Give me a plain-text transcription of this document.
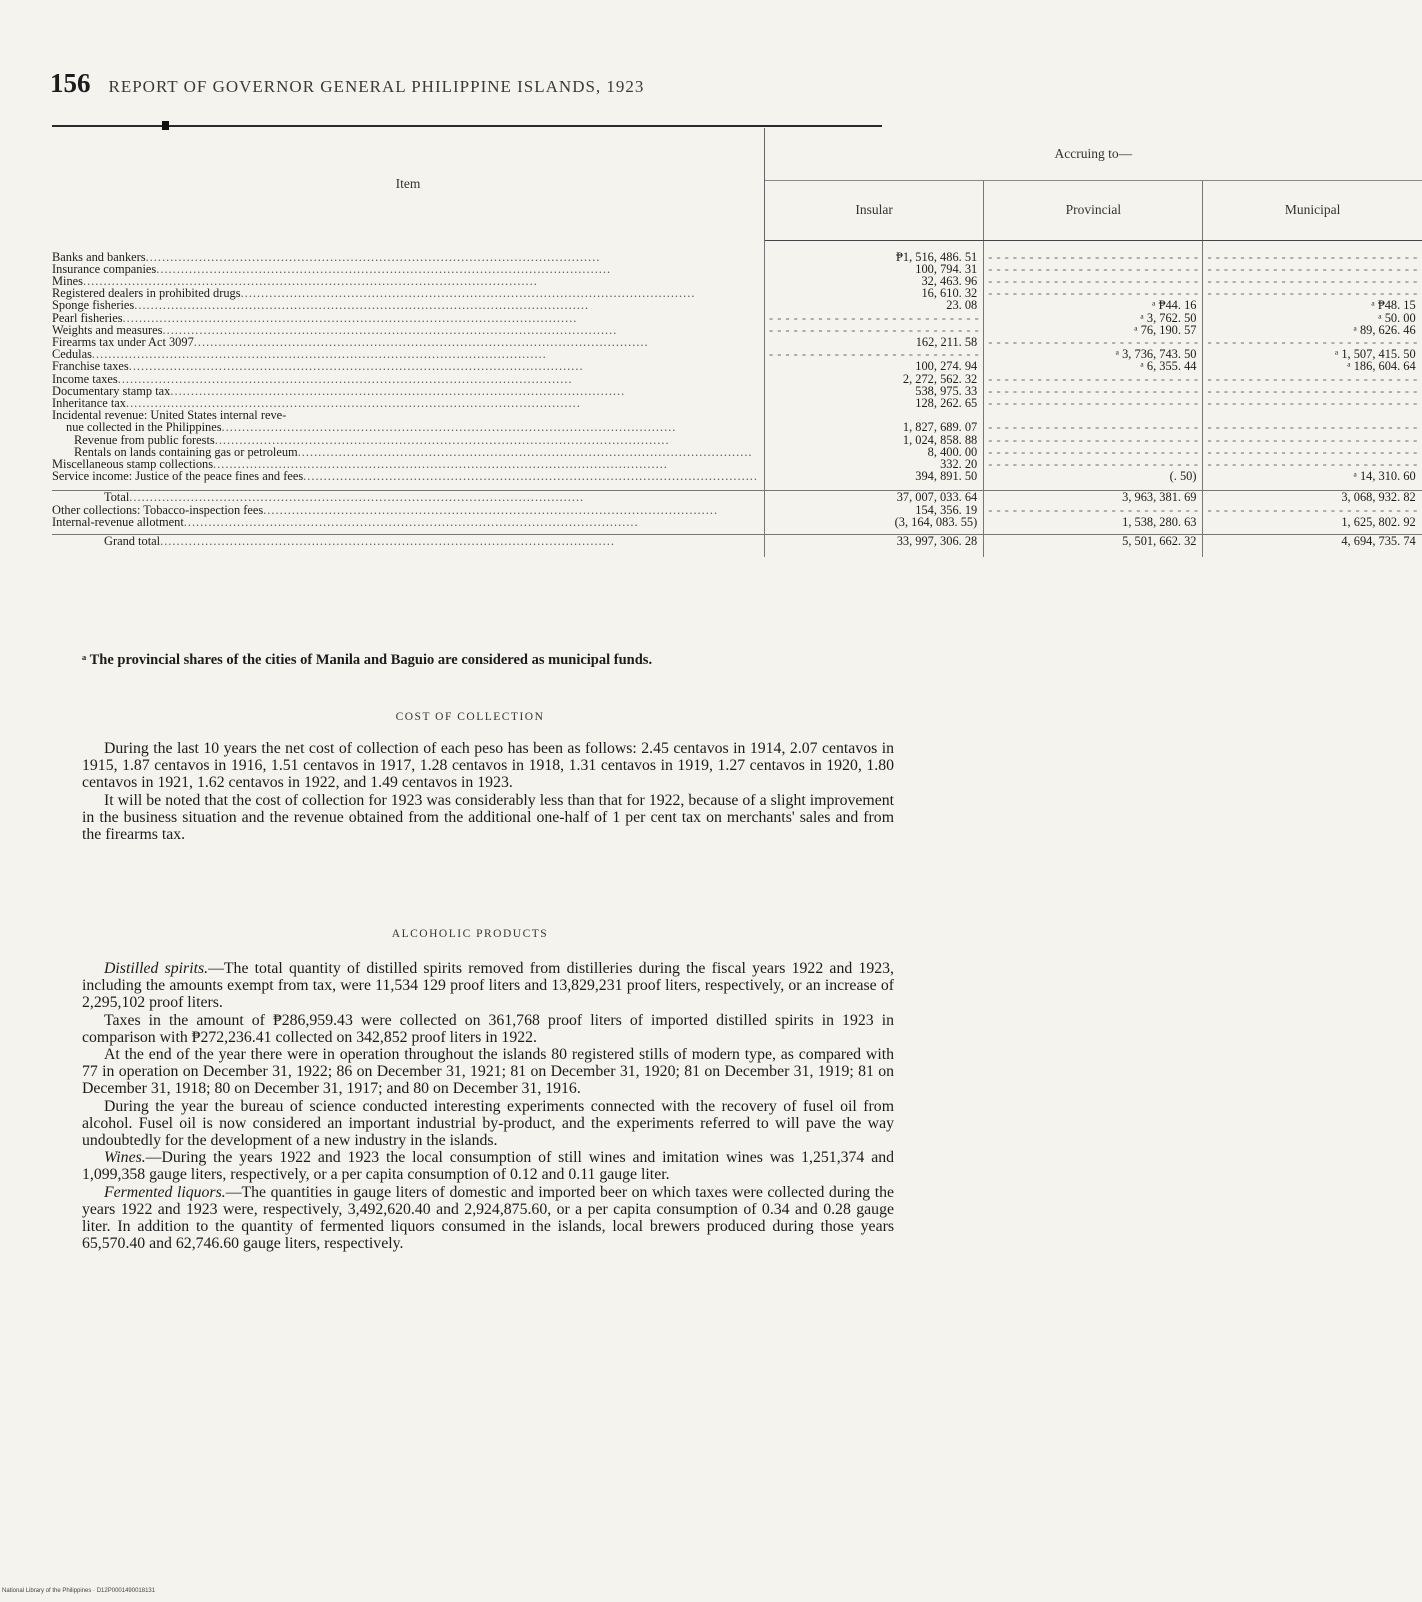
156 REPORT OF GOVERNOR GENERAL PHILIPPINE ISLANDS, 1923
Item	Accruing to—		
	Insular	Provincial	Municipal

Banks and bankers
.....	₱1, 516, 486. 51	- - -	- - -

Insurance companies
.....	100, 794. 31	- - -	- - -

Mines
.....	32, 463. 96	- - -	- - -

Registered dealers in prohibited drugs
.....	16, 610. 32	- - -	- - -

Sponge fisheries
.....	23. 08	ᵃ ₱44. 16	ᵃ ₱48. 15

Pearl fisheries
.....
	- - -	ᵃ 3, 762. 50	ᵃ 50. 00

Weights and measures
.....
	- - -	ᵃ 76, 190. 57	ᵃ 89, 626. 46

Firearms tax under Act 3097
.....	162, 211. 58	- - -	- - -

Cedulas
.....
	- - -	ᵃ 3, 736, 743. 50	ᵃ 1, 507, 415. 50

Franchise taxes
.....	100, 274. 94	ᵃ 6, 355. 44	ᵃ 186, 604. 64

Income taxes
.....	2, 272, 562. 32	- - -	- - -

Documentary stamp tax
.....	538, 975. 33	- - -	- - -

Inheritance tax
.....	128, 262. 65	- - -	- - -

Incidental revenue: United States internal reve-			

nue collected in the Philippines
.....	1, 827, 689. 07	- - -	- - -

Revenue from public forests
.....	1, 024, 858. 88	- - -	- - -

Rentals on lands containing gas or petroleum
.....	8, 400. 00	- - -	- - -

Miscellaneous stamp collections
.....	332. 20	- - -	- - -

Service income: Justice of the peace fines and fees
.....	394, 891. 50	(. 50)	ᵃ 14, 310. 60

Total
.....	37, 007, 033. 64	3, 963, 381. 69	3, 068, 932. 82

Other collections: Tobacco-inspection fees
.....	154, 356. 19	- - -	- - -

Internal-revenue allotment
.....	(3, 164, 083. 55)	1, 538, 280. 63	1, 625, 802. 92

Grand total
.....	33, 997, 306. 28	5, 501, 662. 32	4, 694, 735. 74

ᵃ The provincial shares of the cities of Manila and Baguio are considered as municipal funds.
COST OF COLLECTION

During the last 10 years the net cost of collection of each peso has been as follows: 2.45 centavos in 1914, 2.07 centavos in 1915, 1.87 centavos in 1916, 1.51 centavos in 1917, 1.28 centavos in 1918, 1.31 centavos in 1919, 1.27 centavos in 1920, 1.80 centavos in 1921, 1.62 centavos in 1922, and 1.49 centavos in 1923.

It will be noted that the cost of collection for 1923 was considerably less than that for 1922, because of a slight improvement in the business situation and the revenue obtained from the additional one-half of 1 per cent tax on merchants' sales and from the firearms tax.

ALCOHOLIC PRODUCTS

Distilled spirits.—The total quantity of distilled spirits removed from distilleries during the fiscal years 1922 and 1923, including the amounts exempt from tax, were 11,534 129 proof liters and 13,829,231 proof liters, respectively, or an increase of 2,295,102 proof liters.

Taxes in the amount of ₱286,959.43 were collected on 361,768 proof liters of imported distilled spirits in 1923 in comparison with ₱272,236.41 collected on 342,852 proof liters in 1922.

At the end of the year there were in operation throughout the islands 80 registered stills of modern type, as compared with 77 in operation on December 31, 1922; 86 on December 31, 1921; 81 on December 31, 1920; 81 on December 31, 1919; 81 on December 31, 1918; 80 on December 31, 1917; and 80 on December 31, 1916.

During the year the bureau of science conducted interesting experiments connected with the recovery of fusel oil from alcohol. Fusel oil is now considered an important industrial by-product, and the experiments referred to will pave the way undoubtedly for the development of a new industry in the islands.

Wines.—During the years 1922 and 1923 the local consumption of still wines and imitation wines was 1,251,374 and 1,099,358 gauge liters, respectively, or a per capita consumption of 0.12 and 0.11 gauge liter.

Fermented liquors.—The quantities in gauge liters of domestic and imported beer on which taxes were collected during the years 1922 and 1923 were, respectively, 3,492,620.40 and 2,924,875.60, or a per capita consumption of 0.34 and 0.28 gauge liter. In addition to the quantity of fermented liquors consumed in the islands, local brewers produced during those years 65,570.40 and 62,746.60 gauge liters, respectively.

National Library of the Philippines · D12P0001490018131
